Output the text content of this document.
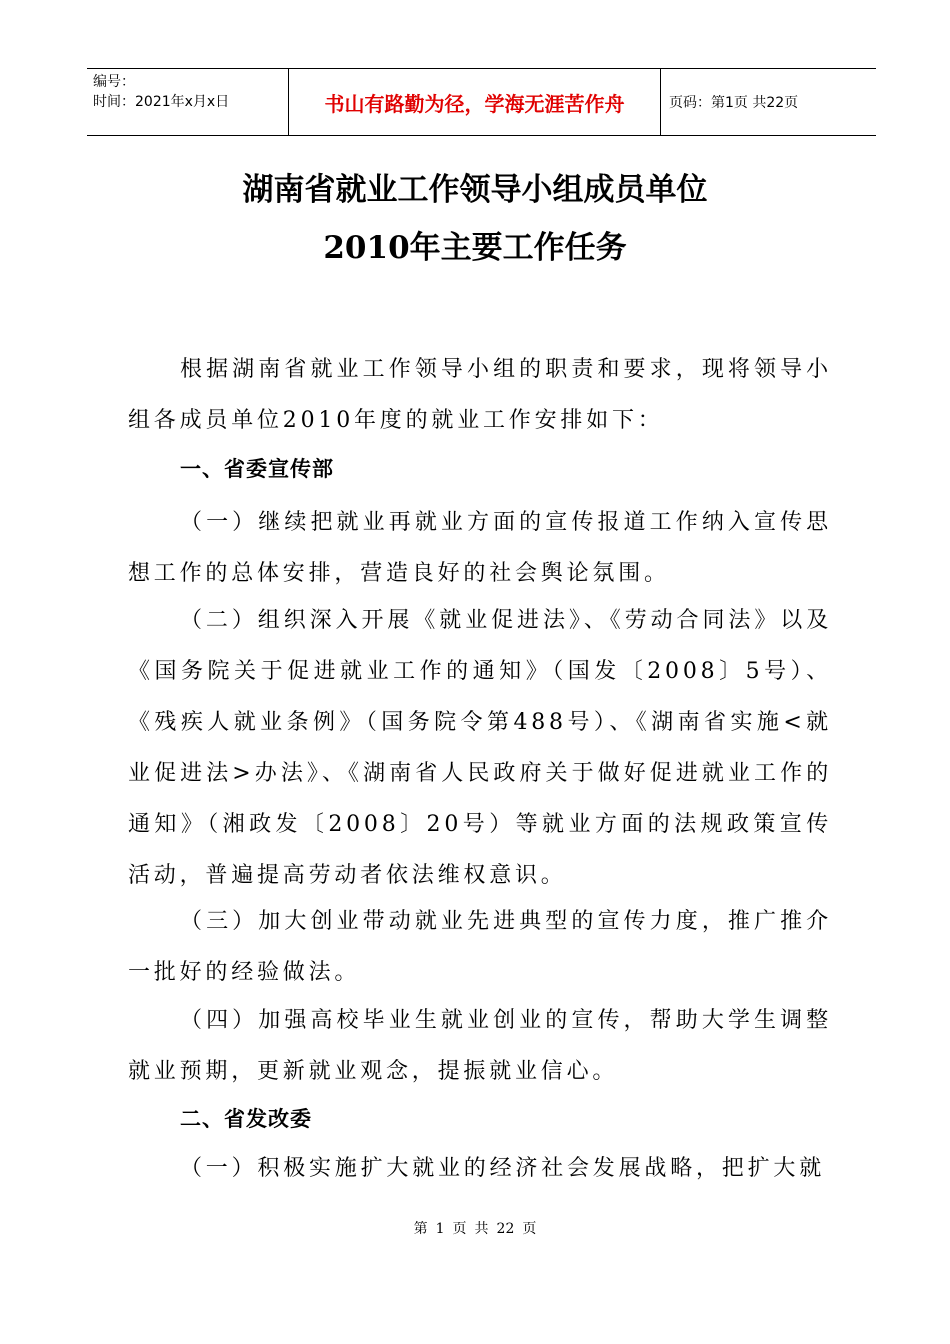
编号：
时间：2021年x月x日	书山有路勤为径，学海无涯苦作舟	页码：第1页 共22页
湖南省就业工作领导小组成员单位
2010年主要工作任务

根据湖南省就业工作领导小组的职责和要求，现将领导小组各成员单位2010年度的就业工作安排如下：

一、省委宣传部

（一）继续把就业再就业方面的宣传报道工作纳入宣传思想工作的总体安排，营造良好的社会舆论氛围。

（二）组织深入开展《就业促进法》、《劳动合同法》以及《国务院关于促进就业工作的通知》（国发〔2008〕5号）、《残疾人就业条例》（国务院令第488号）、《湖南省实施<就业促进法>办法》、《湖南省人民政府关于做好促进就业工作的通知》（湘政发〔2008〕20号）等就业方面的法规政策宣传活动，普遍提高劳动者依法维权意识。

（三）加大创业带动就业先进典型的宣传力度，推广推介一批好的经验做法。

（四）加强高校毕业生就业创业的宣传，帮助大学生调整就业预期，更新就业观念，提振就业信心。

二、省发改委

（一）积极实施扩大就业的经济社会发展战略，把扩大就

第 1 页 共 22 页
